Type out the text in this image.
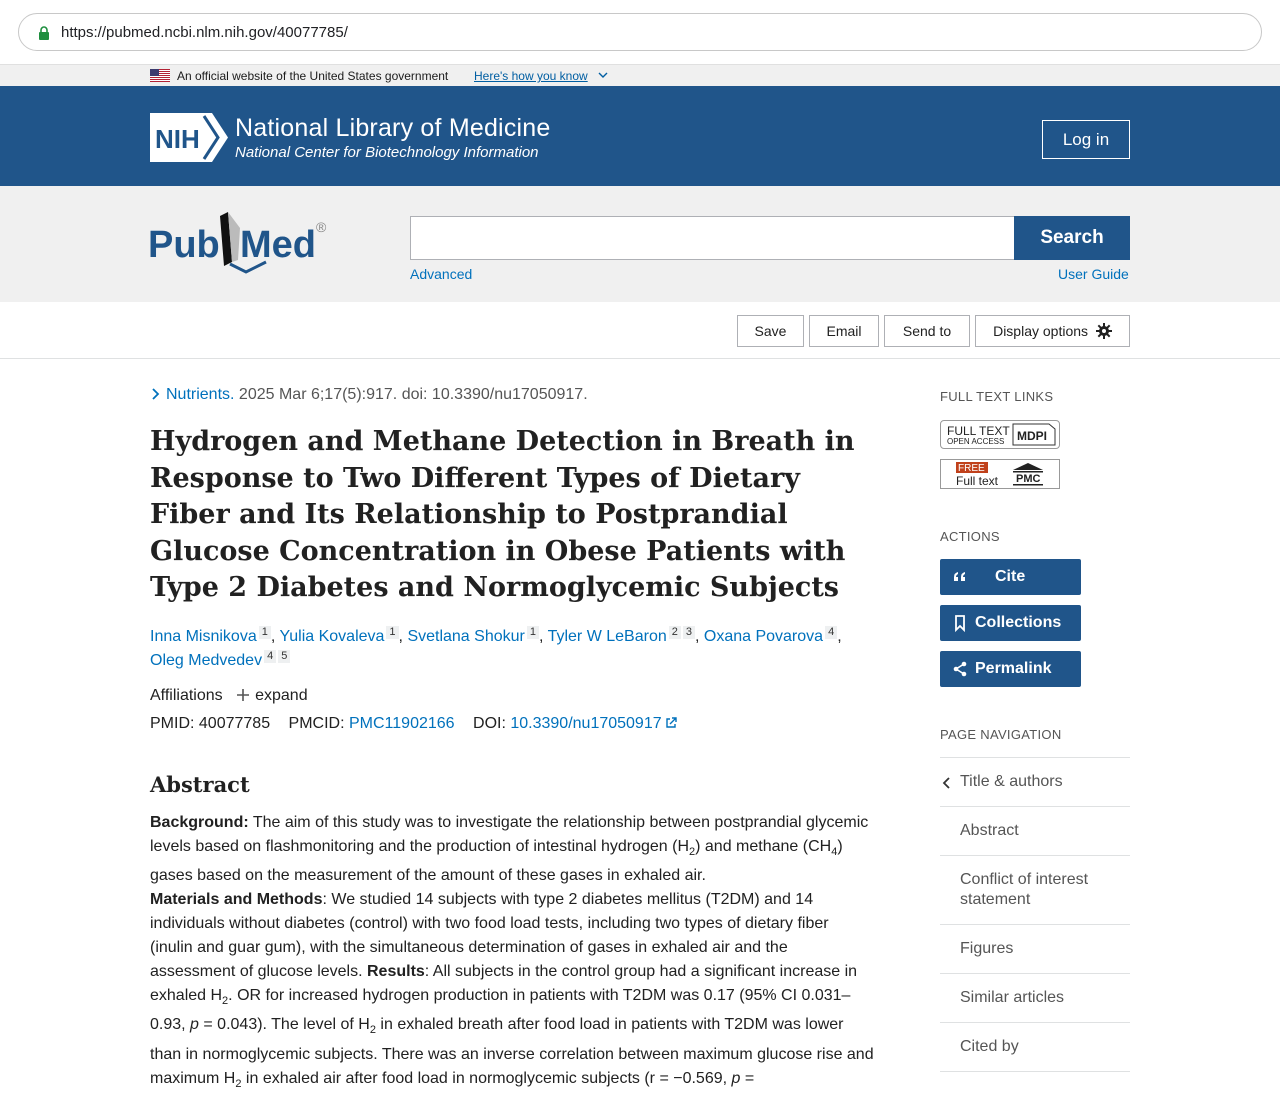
https://pubmed.ncbi.nlm.nih.gov/40077785/
An official website of the United States government Here's how you know
NIH National Library of Medicine
National Center for Biotechnology Information
Log in
Pub Med ®	Search
Advanced	User Guide
Save	Email	Send to	Display options
Nutrients. 2025 Mar 6;17(5):917. doi: 10.3390/nu17050917.
Hydrogen and Methane Detection in Breath in Response to Two Different Types of Dietary Fiber and Its Relationship to Postprandial Glucose Concentration in Obese Patients with Type 2 Diabetes and Normoglycemic Subjects
Inna Misnikova 1 , Yulia Kovaleva 1 , Svetlana Shokur 1 , Tyler W LeBaron 2 3 , Oxana Povarova 4 ,
Oleg Medvedev 4 5
Affiliations expand
PMID: 40077785 PMCID: PMC11902166 DOI: 10.3390/nu17050917
Abstract
Background: The aim of this study was to investigate the relationship between postprandial glycemic levels based on flashmonitoring and the production of intestinal hydrogen $(H_2)$ and methane $(CH_4)$ gases based on the measurement of the amount of these gases in exhaled air.
Materials and Methods: We studied 14 subjects with type 2 diabetes mellitus (T2DM) and 14 individuals without diabetes (control) with two food load tests, including two types of dietary fiber (inulin and guar gum), with the simultaneous determination of gases in exhaled air and the assessment of glucose levels. Results: All subjects in the control group had a significant increase in exhaled $H_2$. OR for increased hydrogen production in patients with T2DM was 0.17 (95% CI 0.031–0.93, p = 0.043). The level of $H_2$ in exhaled breath after food load in patients with T2DM was lower than in normoglycemic subjects. There was an inverse correlation between maximum glucose rise and maximum $H_2$ in exhaled air after food load in normoglycemic subjects (r = −0.569, p =
FULL TEXT LINKS
FULL TEXT
OPEN ACCESS MDPI
FREE
Full text PMC
ACTIONS
Cite
Collections
Permalink
PAGE NAVIGATION
Title & authors
Abstract
Conflict of interest statement
Figures
Similar articles
Cited by
